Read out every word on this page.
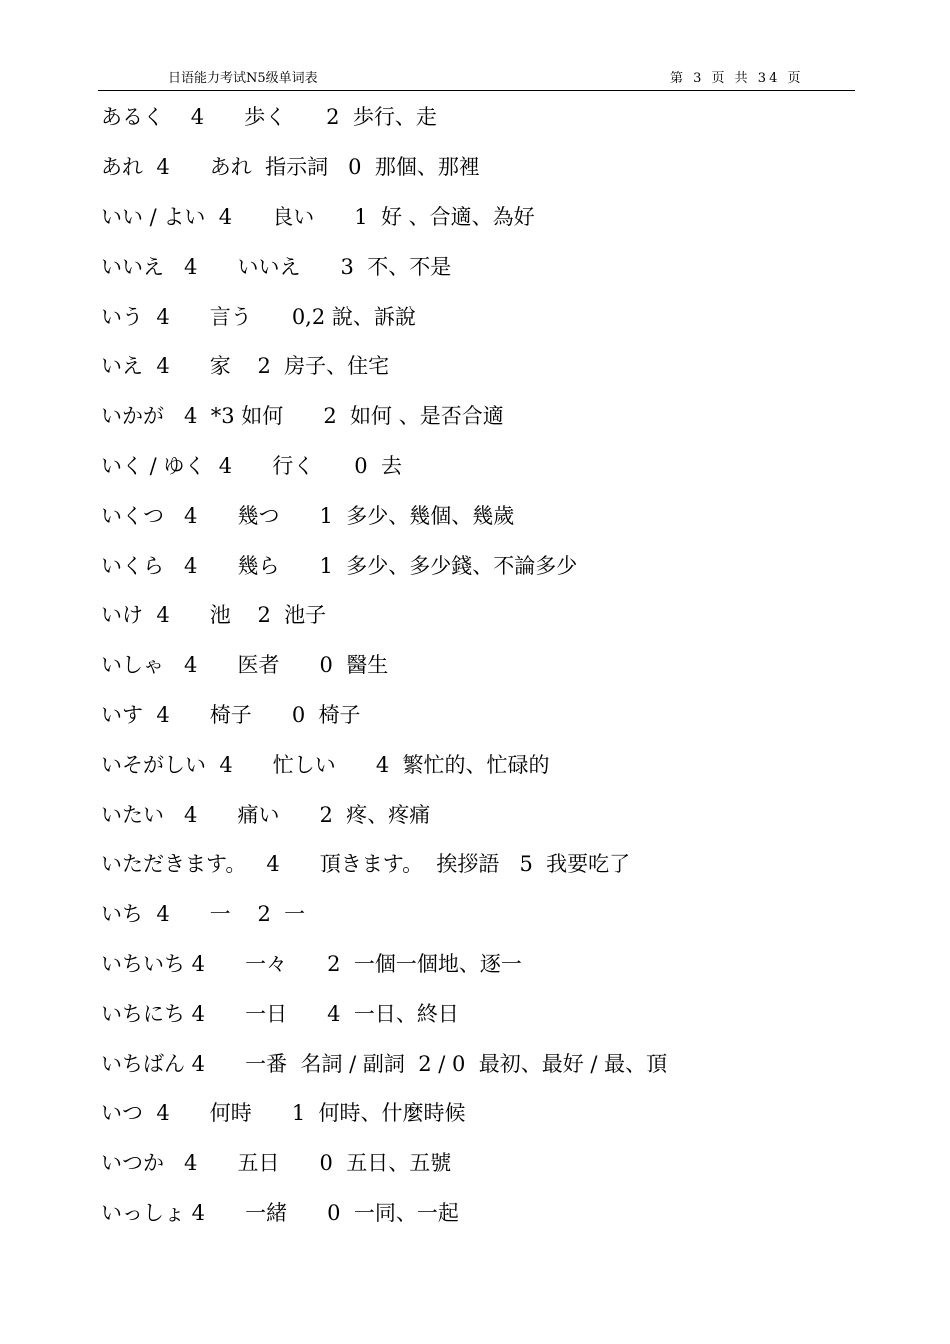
日语能力考试N5级单词表	第 3 页 共 34 页
あるく    4      歩く      2  歩行、走
あれ  4      あれ  指示詞   0  那個、那裡
いい / よい  4      良い      1  好 、合適、為好
いいえ   4      いいえ      3  不、不是
いう  4      言う      0,2 說、訴說
いえ  4      家    2  房子、住宅
いかが   4  *3 如何      2  如何 、是否合適
いく / ゆく  4      行く      0  去
いくつ   4      幾つ      1  多少、幾個、幾歲
いくら   4      幾ら      1  多少、多少錢、不論多少
いけ  4      池    2  池子
いしゃ   4      医者      0  醫生
いす  4      椅子      0  椅子
いそがしい  4      忙しい      4  繁忙的、忙碌的
いたい   4      痛い      2  疼、疼痛
いただきます。   4      頂きます。  挨拶語   5  我要吃了
いち  4      一    2  一
いちいち 4      一々      2  一個一個地、逐一
いちにち 4      一日      4  一日、終日
いちばん 4      一番  名詞 / 副詞  2 / 0  最初、最好 / 最、頂
いつ  4      何時      1  何時、什麼時候
いつか   4      五日      0  五日、五號
いっしょ 4      一緒      0  一同、一起
